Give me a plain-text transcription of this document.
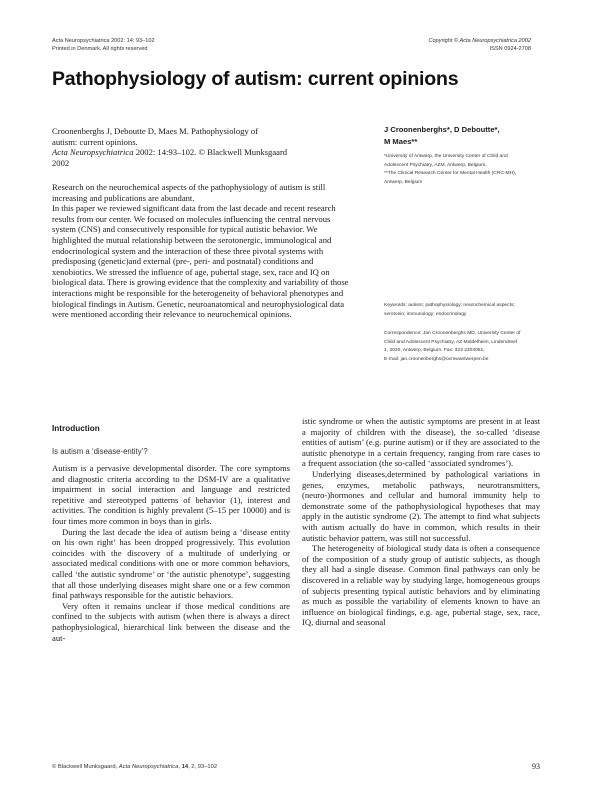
Acta Neuropsychiatrica 2002: 14: 93–102
Printed in Denmark. All rights reserved
Copyright © Acta Neuropsychiatrica 2002
ISSN 0924-2708
Pathophysiology of autism: current opinions
Croonenberghs J, Deboutte D, Maes M. Pathophysiology of
autism: current opinions.
Acta Neuropsychiatrica 2002: 14:93–102. © Blackwell Munksgaard
2002

Research on the neurochemical aspects of the pathophysiology of autism is still increasing and publications are abundant.

In this paper we reviewed significant data from the last decade and recent research results from our center. We focused on molecules influencing the central nervous system (CNS) and consecutively responsible for typical autistic behavior. We highlighted the mutual relationship between the serotonergic, immunological and endocrinological system and the interaction of these three pivotal systems with predisposing (genetic)and external (pre-, peri- and postnatal) conditions and xenobiotics. We stressed the influence of age, pubertal stage, sex, race and IQ on biological data. There is growing evidence that the complexity and variability of those interactions might be responsible for the heterogeneity of behavioral phenotypes and biological findings in Autism. Genetic, neuroanatomical and neurophysiological data were mentioned according their relevance to neurochemical opinions.

J Croonenberghs*, D Deboutte*,
M Maes**
*University of Antwerp, the University Center of Child and
Adolescent Psychiatry, AZM, Antwerp, Belgium,
**The Clinical Research Center for Mental Health (CRC-MH),
Antwerp, Belgium
Keywords: autism; pathophysiology; neurochemical aspects;
serotonin; immunology; endocrinology
Correspondence: Jan Croonenberghs MD, University Center of
Child and Adolescent Psychiatry, AZ Middelheim, Lindendreef
1, 2020, Antwerp, Belgium. Fax: 323 2304051;
E-mail: jan.croonenberghs@ocmwantwerpen.be
Introduction
Is autism a ‘disease-entity’?

Autism is a pervasive developmental disorder. The core symptoms and diagnostic criteria according to the DSM-IV are a qualitative impairment in social interaction and language and restricted repetitive and stereotyped patterns of behavior (1), interest and activities. The condition is highly prevalent (5–15 per 10000) and is four times more common in boys than in girls.

During the last decade the idea of autism being a ‘disease entity on his own right’ has been dropped progressively. This evolution coincides with the discovery of a multitude of underlying or associated medical conditions with one or more common behaviors, called ‘the autistic syndrome’ or ‘the autistic phenotype’, suggesting that all those underlying diseases might share one or a few common final pathways responsible for the autistic behaviors.

Very often it remains unclear if those medical conditions are confined to the subjects with autism (when there is always a direct pathophysiological, hierarchical link between the disease and the aut-

istic syndrome or when the autistic symptoms are present in at least a majority of children with the disease), the so-called ‘disease entities of autism’ (e.g. purine autism) or if they are associated to the autistic phenotype in a certain frequency, ranging from rare cases to a frequent association (the so-called ‘associated syndromes’).

Underlying diseases,determined by pathological variations in genes, enzymes, metabolic pathways, neurotransmitters, (neuro-)hormones and cellular and humoral immunity help to demonstrate some of the pathophysiological hypotheses that may apply in the autistic syndrome (2). The attempt to find what subjects with autism actually do have in common, which results in their autistic behavior pattern, was still not successful.

The heterogeneity of biological study data is often a consequence of the composition of a study group of autistic subjects, as though they all had a single disease. Common final pathways can only be discovered in a reliable way by studying large, homogeneous groups of subjects presenting typical autistic behaviors and by eliminating as much as possible the variability of elements known to have an influence on biological findings, e.g. age, pubertal stage, sex, race, IQ, diurnal and seasonal

© Blackwell Munksgaard, Acta Neuropsychiatrica, 14, 2, 93–102	93
